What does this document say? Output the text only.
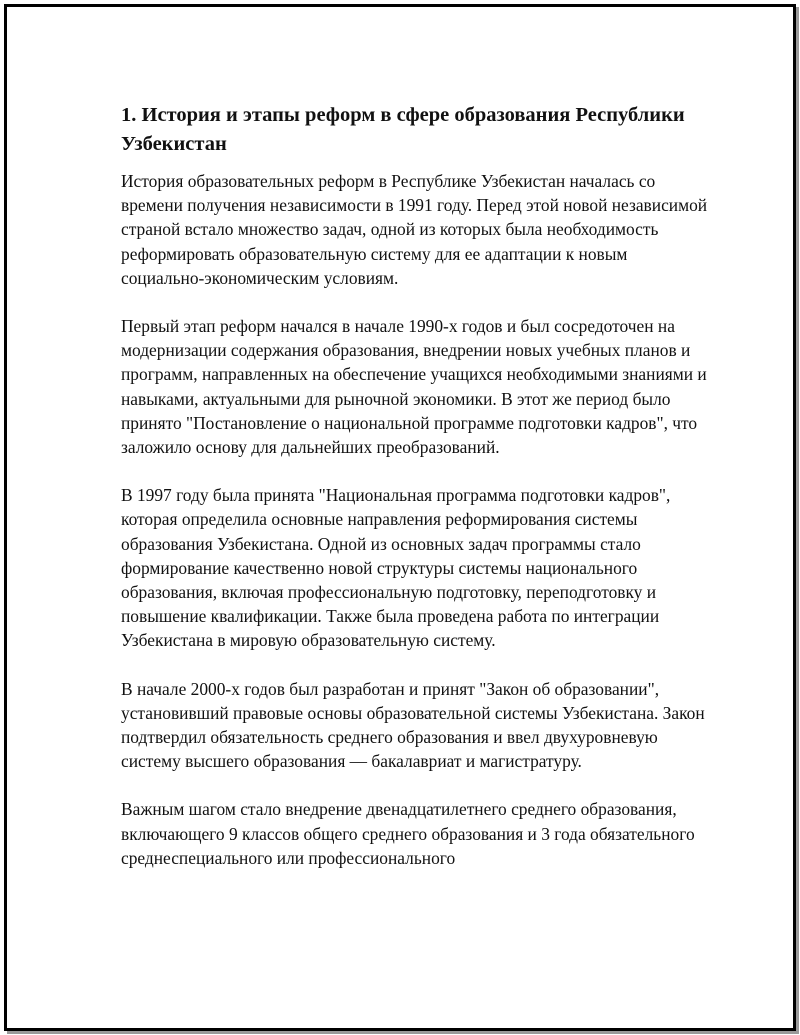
1. История и этапы реформ в сфере образования Республики Узбекистан

История образовательных реформ в Республике Узбекистан началась со времени получения независимости в 1991 году. Перед этой новой независимой страной встало множество задач, одной из которых была необходимость реформировать образовательную систему для ее адаптации к новым социально-экономическим условиям.

Первый этап реформ начался в начале 1990-х годов и был сосредоточен на модернизации содержания образования, внедрении новых учебных планов и программ, направленных на обеспечение учащихся необходимыми знаниями и навыками, актуальными для рыночной экономики. В этот же период было принято "Постановление о национальной программе подготовки кадров", что заложило основу для дальнейших преобразований.

В 1997 году была принята "Национальная программа подготовки кадров", которая определила основные направления реформирования системы образования Узбекистана. Одной из основных задач программы стало формирование качественно новой структуры системы национального образования, включая профессиональную подготовку, переподготовку и повышение квалификации. Также была проведена работа по интеграции Узбекистана в мировую образовательную систему.

В начале 2000-х годов был разработан и принят "Закон об образовании", установивший правовые основы образовательной системы Узбекистана. Закон подтвердил обязательность среднего образования и ввел двухуровневую систему высшего образования — бакалавриат и магистратуру.

Важным шагом стало внедрение двенадцатилетнего среднего образования, включающего 9 классов общего среднего образования и 3 года обязательного среднеспециального или профессионального
